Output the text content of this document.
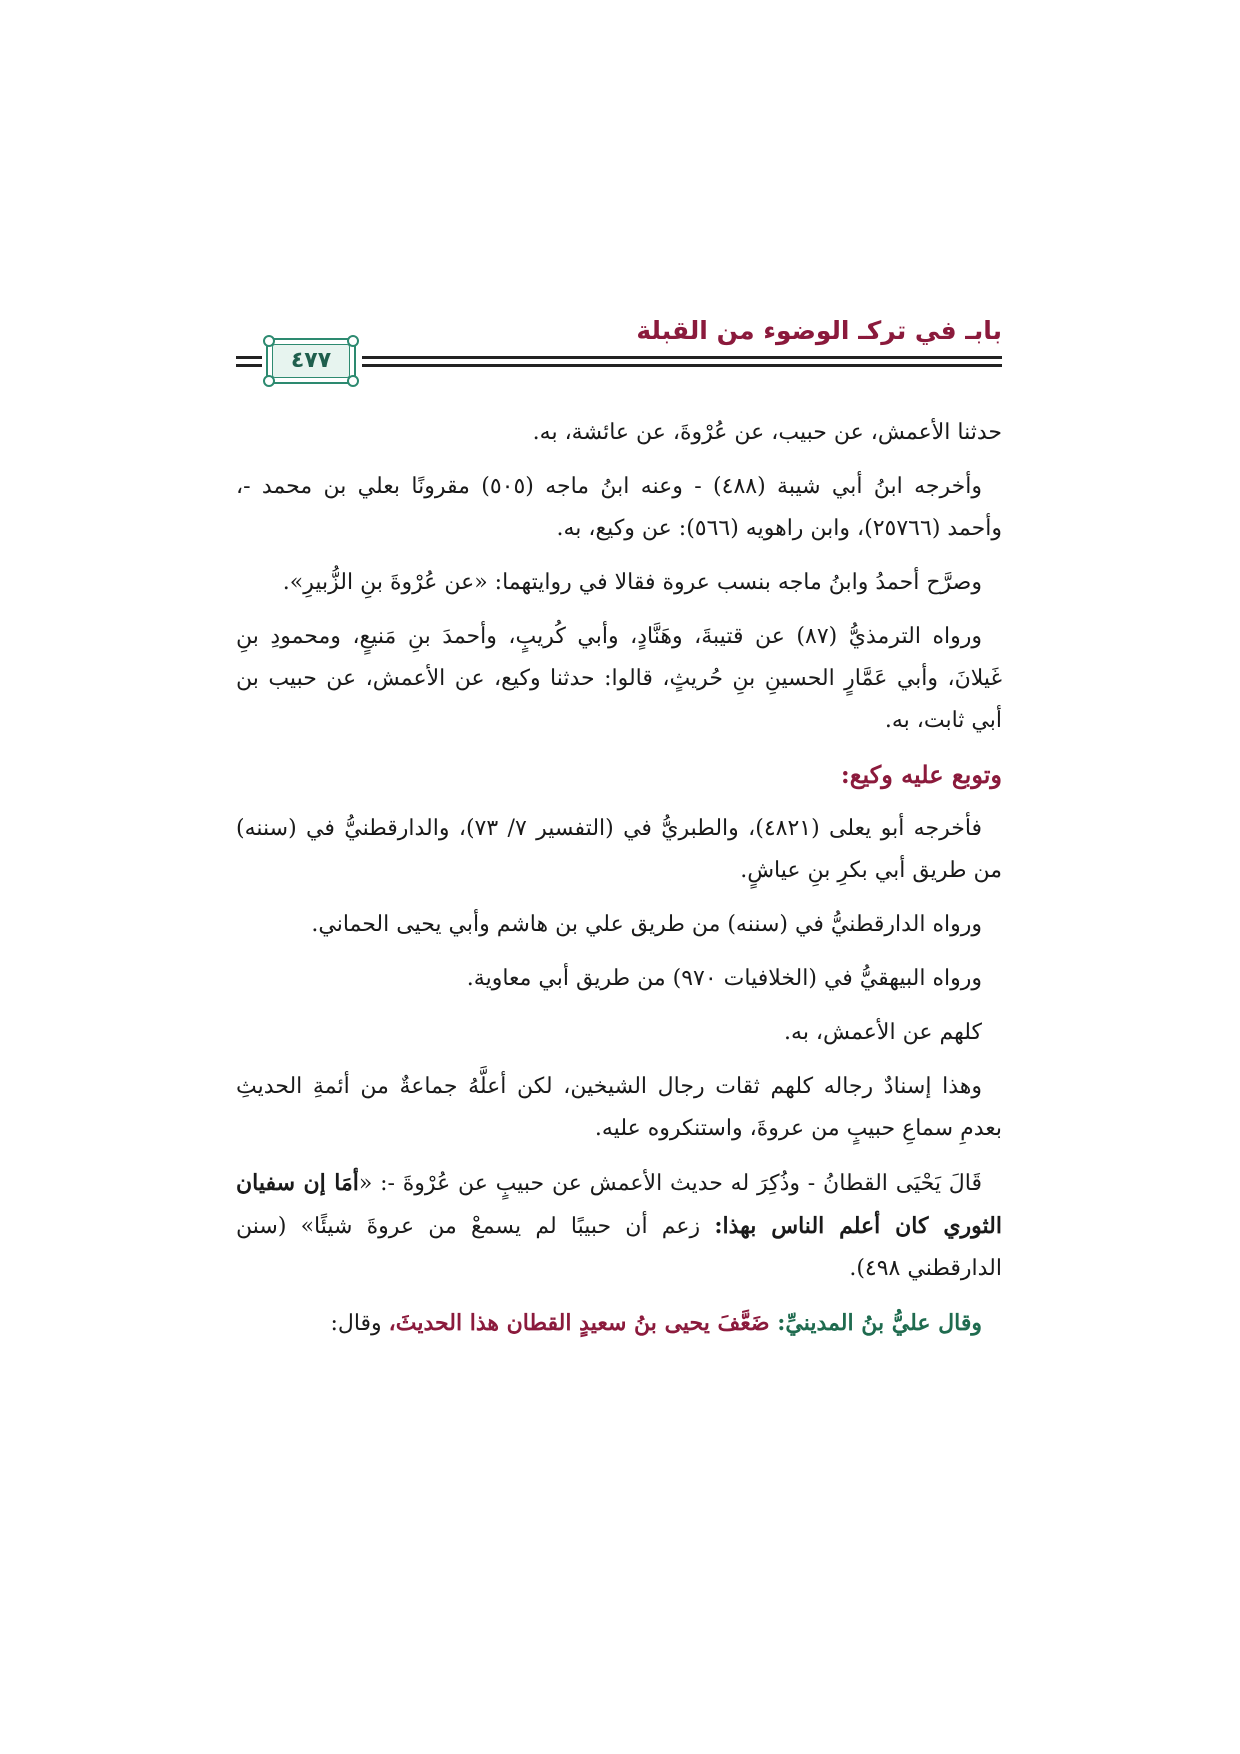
بابـ في تركـ الوضوء من القبلة
٤٧٧

حدثنا الأعمش، عن حبيب، عن عُرْوةَ، عن عائشة، به.

وأخرجه ابنُ أبي شيبة (٤٨٨) - وعنه ابنُ ماجه (٥٠٥) مقرونًا بعلي بن محمد -، وأحمد (٢٥٧٦٦)، وابن راهويه (٥٦٦): عن وكيع، به.

وصرَّح أحمدُ وابنُ ماجه بنسب عروة فقالا في روايتهما: «عن عُرْوةَ بنِ الزُّبيرِ».

ورواه الترمذيُّ (٨٧) عن قتيبةَ، وهَنَّادٍ، وأبي كُريبٍ، وأحمدَ بنِ مَنيعٍ، ومحمودِ بنِ غَيلانَ، وأبي عَمَّارٍ الحسينِ بنِ حُريثٍ، قالوا: حدثنا وكيع، عن الأعمش، عن حبيب بن أبي ثابت، به.

وتوبع عليه وكيع:

فأخرجه أبو يعلى (٤٨٢١)، والطبريُّ في (التفسير ٧/ ٧٣)، والدارقطنيُّ في (سننه) من طريق أبي بكرِ بنِ عياشٍ.

ورواه الدارقطنيُّ في (سننه) من طريق علي بن هاشم وأبي يحيى الحماني.

ورواه البيهقيُّ في (الخلافيات ٩٧٠) من طريق أبي معاوية.

كلهم عن الأعمش، به.

وهذا إسنادٌ رجاله كلهم ثقات رجال الشيخين، لكن أعلَّهُ جماعةٌ من أئمةِ الحديثِ بعدمِ سماعِ حبيبٍ من عروةَ، واستنكروه عليه.

قَالَ يَحْيَى القطانُ - وذُكِرَ له حديث الأعمش عن حبيبٍ عن عُرْوةَ -: «أمَا إن سفيان الثوري كان أعلم الناس بهذا: زعم أن حبيبًا لم يسمعْ من عروةَ شيئًا» (سنن الدارقطني ٤٩٨).

وقال عليُّ بنُ المدينيِّ: ضَعَّفَ يحيى بنُ سعيدٍ القطان هذا الحديثَ، وقال:
